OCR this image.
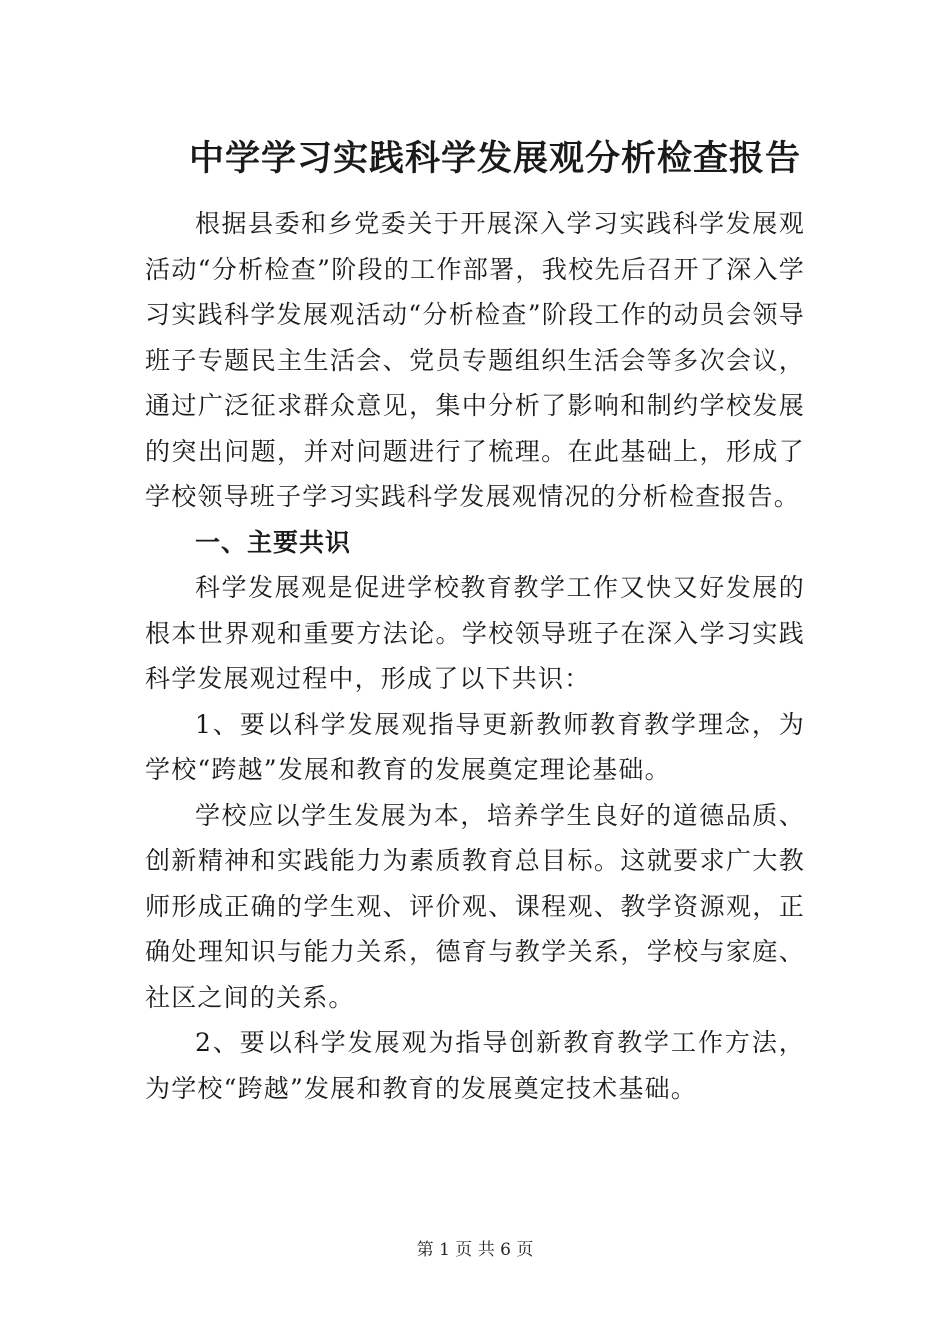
中学学习实践科学发展观分析检查报告

根据县委和乡党委关于开展深入学习实践科学发展观活动“分析检查”阶段的工作部署，我校先后召开了深入学习实践科学发展观活动“分析检查”阶段工作的动员会领导班子专题民主生活会、党员专题组织生活会等多次会议，通过广泛征求群众意见，集中分析了影响和制约学校发展的突出问题，并对问题进行了梳理。在此基础上，形成了学校领导班子学习实践科学发展观情况的分析检查报告。

一、主要共识

科学发展观是促进学校教育教学工作又快又好发展的根本世界观和重要方法论。学校领导班子在深入学习实践科学发展观过程中，形成了以下共识：

1、要以科学发展观指导更新教师教育教学理念，为学校“跨越”发展和教育的发展奠定理论基础。

学校应以学生发展为本，培养学生良好的道德品质、创新精神和实践能力为素质教育总目标。这就要求广大教师形成正确的学生观、评价观、课程观、教学资源观，正确处理知识与能力关系，德育与教学关系，学校与家庭、社区之间的关系。

2、要以科学发展观为指导创新教育教学工作方法，为学校“跨越”发展和教育的发展奠定技术基础。

第 1 页 共 6 页
